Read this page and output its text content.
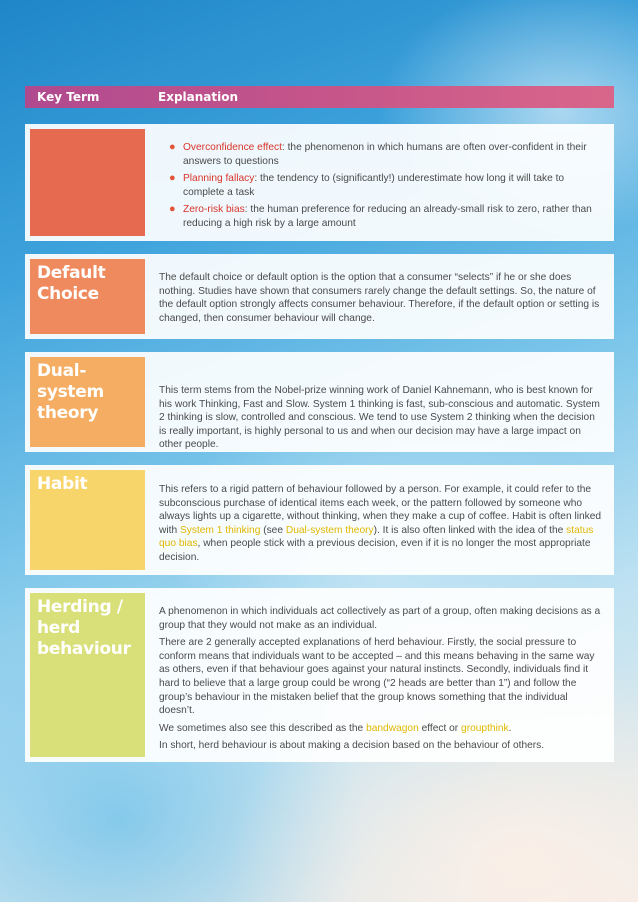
Key Term	Explanation
● Overconfidence effect: the phenomenon in which humans are often over-confident in their answers to questions
● Planning fallacy: the tendency to (significantly!) underestimate how long it will take to complete a task
● Zero-risk bias: the human preference for reducing an already-small risk to zero, rather than reducing a high risk by a large amount
Default
Choice

The default choice or default option is the option that a consumer “selects” if he or she does nothing. Studies have shown that consumers rarely change the default settings. So, the nature of the default option strongly affects consumer behaviour. Therefore, if the default option or setting is changed, then consumer behaviour will change.

Dual-system
theory

This term stems from the Nobel-prize winning work of Daniel Kahnemann, who is best known for his work Thinking, Fast and Slow. System 1 thinking is fast, sub-conscious and automatic. System 2 thinking is slow, controlled and conscious. We tend to use System 2 thinking when the decision is really important, is highly personal to us and when our decision may have a large impact on other people.

Habit	This refers to a rigid pattern of behaviour followed by a person. For example, it could refer to the subconscious purchase of identical items each week, or the pattern followed by someone who always lights up a cigarette, without thinking, when they make a cup of coffee. Habit is often linked with System 1 thinking (see Dual-system theory). It is also often linked with the idea of the status quo bias, when people stick with a previous decision, even if it is no longer the most appropriate decision.

Herding /
herd
behaviour

A phenomenon in which individuals act collectively as part of a group, often making decisions as a group that they would not make as an individual.

There are 2 generally accepted explanations of herd behaviour. Firstly, the social pressure to conform means that individuals want to be accepted – and this means behaving in the same way as others, even if that behaviour goes against your natural instincts. Secondly, individuals find it hard to believe that a large group could be wrong (“2 heads are better than 1”) and follow the group’s behaviour in the mistaken belief that the group knows something that the individual doesn’t.

We sometimes also see this described as the bandwagon effect or groupthink.

In short, herd behaviour is about making a decision based on the behaviour of others.
